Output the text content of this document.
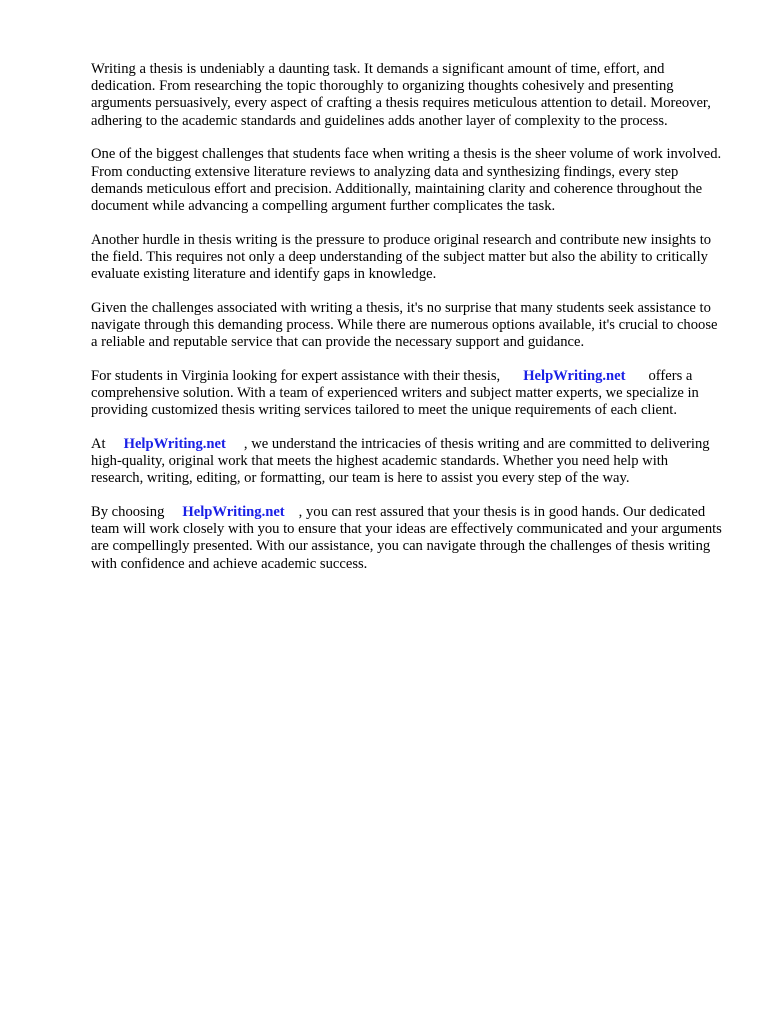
Writing a thesis is undeniably a daunting task. It demands a significant amount of time, effort, and dedication. From researching the topic thoroughly to organizing thoughts cohesively and presenting arguments persuasively, every aspect of crafting a thesis requires meticulous attention to detail. Moreover, adhering to the academic standards and guidelines adds another layer of complexity to the process.

One of the biggest challenges that students face when writing a thesis is the sheer volume of work involved. From conducting extensive literature reviews to analyzing data and synthesizing findings, every step demands meticulous effort and precision. Additionally, maintaining clarity and coherence throughout the document while advancing a compelling argument further complicates the task.

Another hurdle in thesis writing is the pressure to produce original research and contribute new insights to the field. This requires not only a deep understanding of the subject matter but also the ability to critically evaluate existing literature and identify gaps in knowledge.

Given the challenges associated with writing a thesis, it's no surprise that many students seek assistance to navigate through this demanding process. While there are numerous options available, it's crucial to choose a reliable and reputable service that can provide the necessary support and guidance.

For students in Virginia looking for expert assistance with their thesis, HelpWriting.net offers a comprehensive solution. With a team of experienced writers and subject matter experts, we specialize in providing customized thesis writing services tailored to meet the unique requirements of each client.

At HelpWriting.net , we understand the intricacies of thesis writing and are committed to delivering high-quality, original work that meets the highest academic standards. Whether you need help with research, writing, editing, or formatting, our team is here to assist you every step of the way.

By choosing HelpWriting.net , you can rest assured that your thesis is in good hands. Our dedicated team will work closely with you to ensure that your ideas are effectively communicated and your arguments are compellingly presented. With our assistance, you can navigate through the challenges of thesis writing with confidence and achieve academic success.
